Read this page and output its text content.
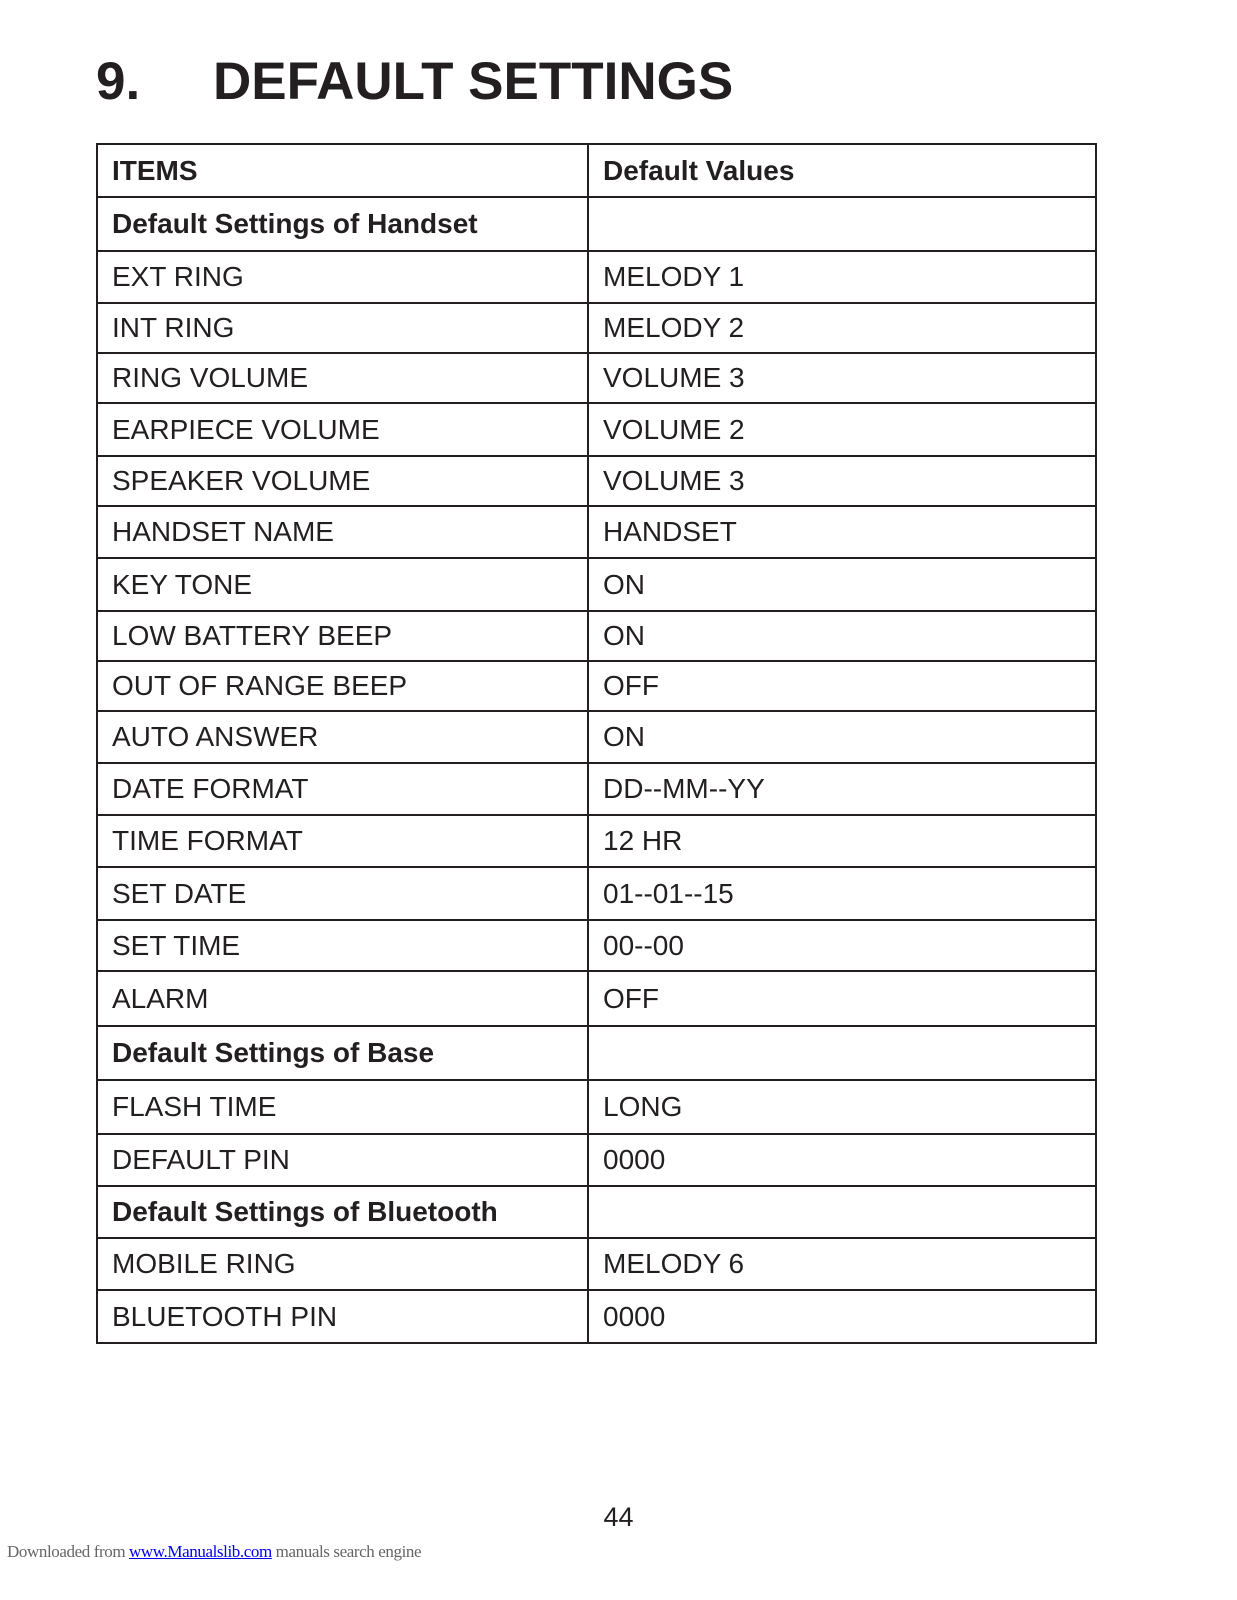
9. DEFAULT SETTINGS
ITEMS	Default Values
Default Settings of Handset	
EXT RING	MELODY 1
INT RING	MELODY 2
RING VOLUME	VOLUME 3
EARPIECE VOLUME	VOLUME 2
SPEAKER VOLUME	VOLUME 3
HANDSET NAME	HANDSET
KEY TONE	ON
LOW BATTERY BEEP	ON
OUT OF RANGE BEEP	OFF
AUTO ANSWER	ON
DATE FORMAT	DD--MM--YY
TIME FORMAT	12 HR
SET DATE	01--01--15
SET TIME	00--00
ALARM	OFF
Default Settings of Base	
FLASH TIME	LONG
DEFAULT PIN	0000
Default Settings of Bluetooth	
MOBILE RING	MELODY 6
BLUETOOTH PIN	0000
44
Downloaded from www.Manualslib.com manuals search engine
